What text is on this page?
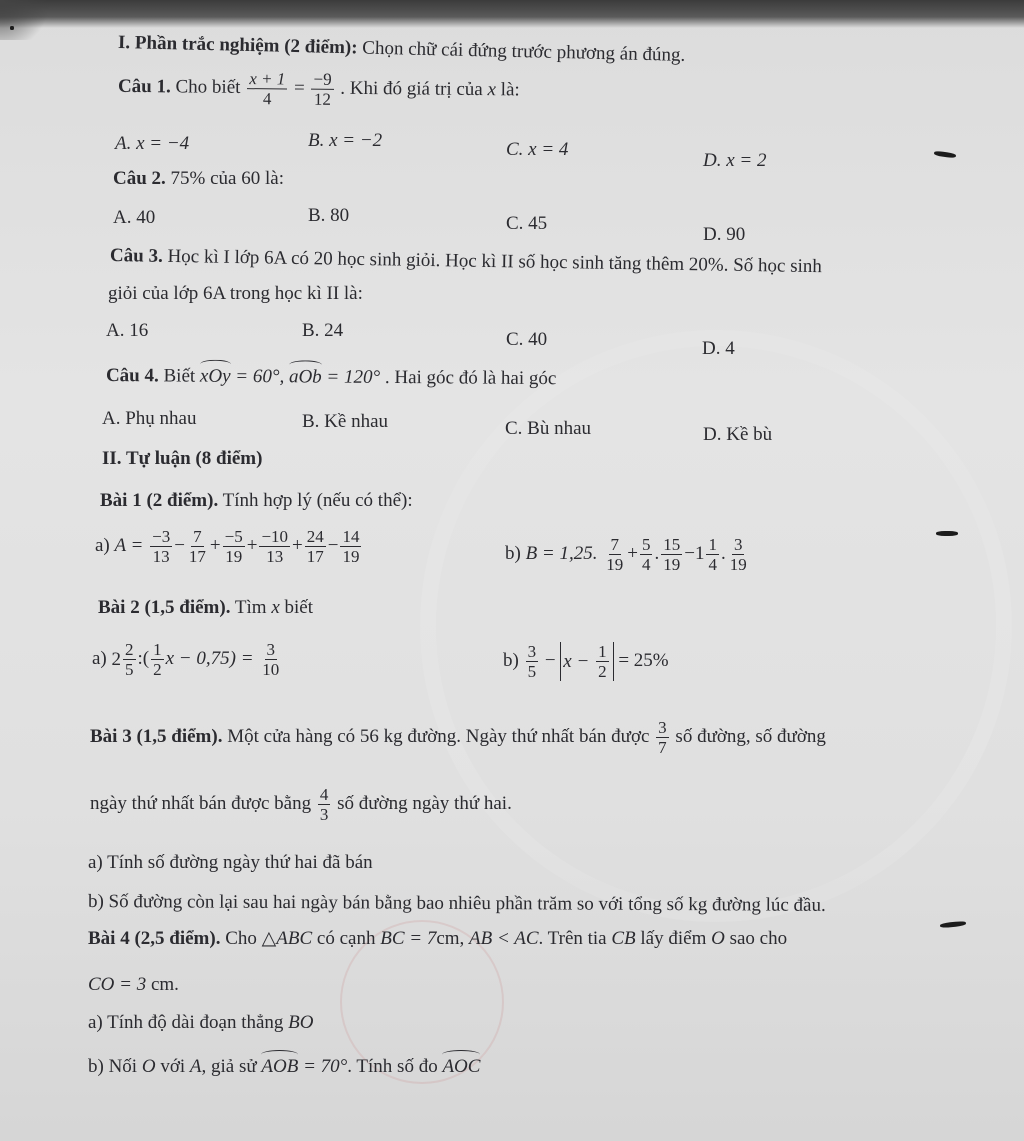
I. Phần trắc nghiệm (2 điểm): Chọn chữ cái đứng trước phương án đúng.
Câu 1. Cho biết $\frac{x + 1}{4} = \frac{-9}{12}$ . Khi đó giá trị của x là:
A. x = −4	B. x = −2	C. x = 4
D. x = 2
Câu 2. 75% của 60 là:
A. 40	B. 80	C. 45
D. 90
Câu 3. Học kì I lớp 6A có 20 học sinh giỏi. Học kì II số học sinh tăng thêm 20%. Số học sinh
giỏi của lớp 6A trong học kì II là:
A. 16	B. 24	C. 40	D. 4
Câu 4. Biết xOy = 60°, aOb = 120° . Hai góc đó là hai góc
A. Phụ nhau	B. Kề nhau	C. Bù nhau	D. Kề bù
II. Tự luận (8 điểm)
Bài 1 (2 điểm). Tính hợp lý (nếu có thể):
a) $A = \frac{-3}{13} - \frac{7}{17} + \frac{-5}{19} + \frac{-10}{13} + \frac{24}{17} - \frac{14}{19}$	b) B = 1,25. $\frac{7}{19} + \frac{5}{4}$ . $\frac{15}{19} -1 \frac{1}{4}$ . $\frac{3}{19}$
Bài 2 (1,5 điểm). Tìm x biết
a) $2 \frac{2}{5}$ :( $\frac{1}{2}$ $x - 0,75) = \frac{3}{10}$	$b) \frac{3}{5} - x$ −
$\frac{1}{2} = 25\%$
Bài 3 (1,5 điểm). Một cửa hàng có 56 kg đường. Ngày thứ nhất bán được $\frac{3}{7}$ số đường, số đường
ngày thứ nhất bán được bằng $\frac{4}{3}$ số đường ngày thứ hai.
a) Tính số đường ngày thứ hai đã bán
b) Số đường còn lại sau hai ngày bán bằng bao nhiêu phần trăm so với tổng số kg đường lúc đầu.
Bài 4 (2,5 điểm). Cho △ABC có cạnh BC = 7cm, AB < AC. Trên tia CB lấy điểm O sao cho
CO = 3 cm.
a) Tính độ dài đoạn thẳng BO
b) Nối O với A, giả sử AOB = 70°. Tính số đo AOC
